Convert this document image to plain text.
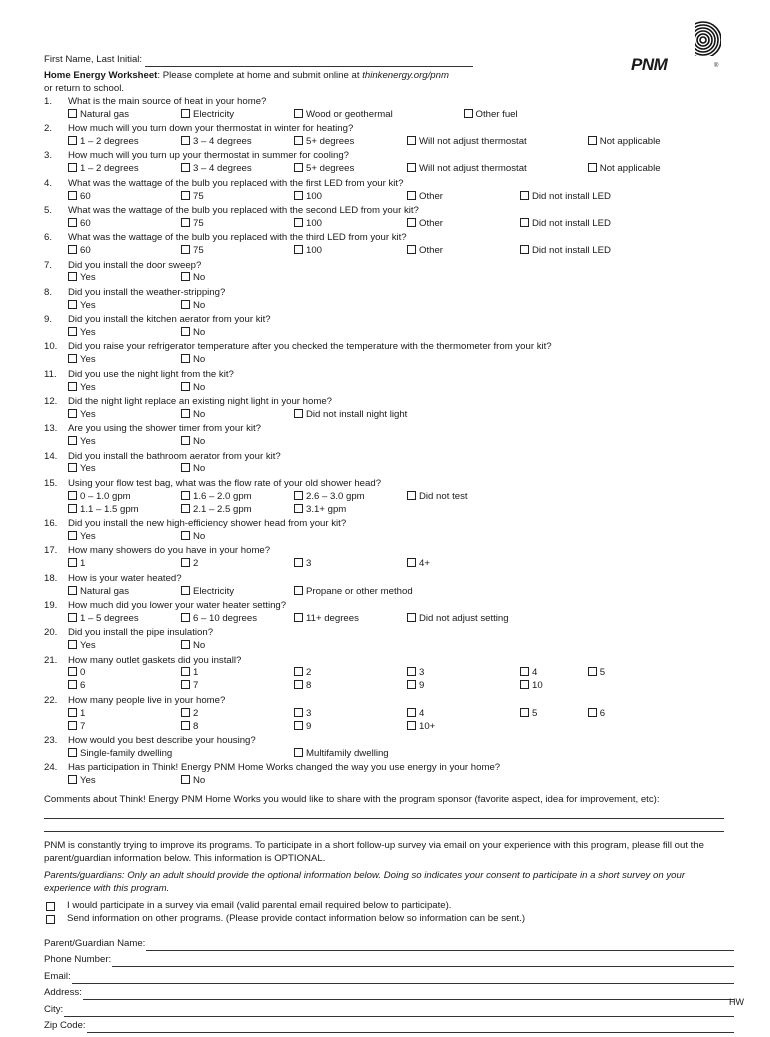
PNM	®
First Name, Last Initial:
Home Energy Worksheet: Please complete at home and submit online at thinkenergy.org/pnm
or return to school.
1.	What is the main source of heat in your home?
Natural gas	Electricity	Wood or geothermal	Other fuel
2.	How much will you turn down your thermostat in winter for heating?
1 – 2 degrees	3 – 4 degrees	5+ degrees	Will not adjust thermostat	Not applicable
3.	How much will you turn up your thermostat in summer for cooling?
1 – 2 degrees	3 – 4 degrees	5+ degrees	Will not adjust thermostat	Not applicable
4.	What was the wattage of the bulb you replaced with the first LED from your kit?
60	75	100	Other	Did not install LED
5.	What was the wattage of the bulb you replaced with the second LED from your kit?
60	75	100	Other	Did not install LED
6.	What was the wattage of the bulb you replaced with the third LED from your kit?
60	75	100	Other	Did not install LED
7.	Did you install the door sweep?
Yes	No
8.	Did you install the weather-stripping?
Yes	No
9.	Did you install the kitchen aerator from your kit?
Yes	No
10.	Did you raise your refrigerator temperature after you checked the temperature with the thermometer from your kit?
Yes	No
11.	Did you use the night light from the kit?
Yes	No
12.	Did the night light replace an existing night light in your home?
Yes	No	Did not install night light
13.	Are you using the shower timer from your kit?
Yes	No
14.	Did you install the bathroom aerator from your kit?
Yes	No
15.	Using your flow test bag, what was the flow rate of your old shower head?
0 – 1.0 gpm	1.6 – 2.0 gpm	2.6 – 3.0 gpm	Did not test
1.1 – 1.5 gpm	2.1 – 2.5 gpm	3.1+ gpm
16.	Did you install the new high-efficiency shower head from your kit?
Yes	No
17.	How many showers do you have in your home?
1	2	3	4+
18.	How is your water heated?
Natural gas	Electricity	Propane or other method
19.	How much did you lower your water heater setting?
1 – 5 degrees	6 – 10 degrees	11+ degrees	Did not adjust setting
20.	Did you install the pipe insulation?
Yes	No
21.	How many outlet gaskets did you install?
0	1	2	3	4	5
6	7	8	9	10
22.	How many people live in your home?
1	2	3	4	5	6
7	8	9	10+
23.	How would you best describe your housing?
Single-family dwelling	Multifamily dwelling
24.	Has participation in Think! Energy PNM Home Works changed the way you use energy in your home?
Yes	No
Comments about Think! Energy PNM Home Works you would like to share with the program sponsor (favorite aspect, idea for improvement, etc):
PNM is constantly trying to improve its programs. To participate in a short follow-up survey via email on your experience with this program, please fill out the parent/guardian information below. This information is OPTIONAL.
Parents/guardians: Only an adult should provide the optional information below. Doing so indicates your consent to participate in a short survey on your experience with this program.
I would participate in a survey via email (valid parental email required below to participate).
Send information on other programs. (Please provide contact information below so information can be sent.)
Parent/Guardian Name:
Phone Number:
Email:
Address:
City:
Zip Code:
HW
